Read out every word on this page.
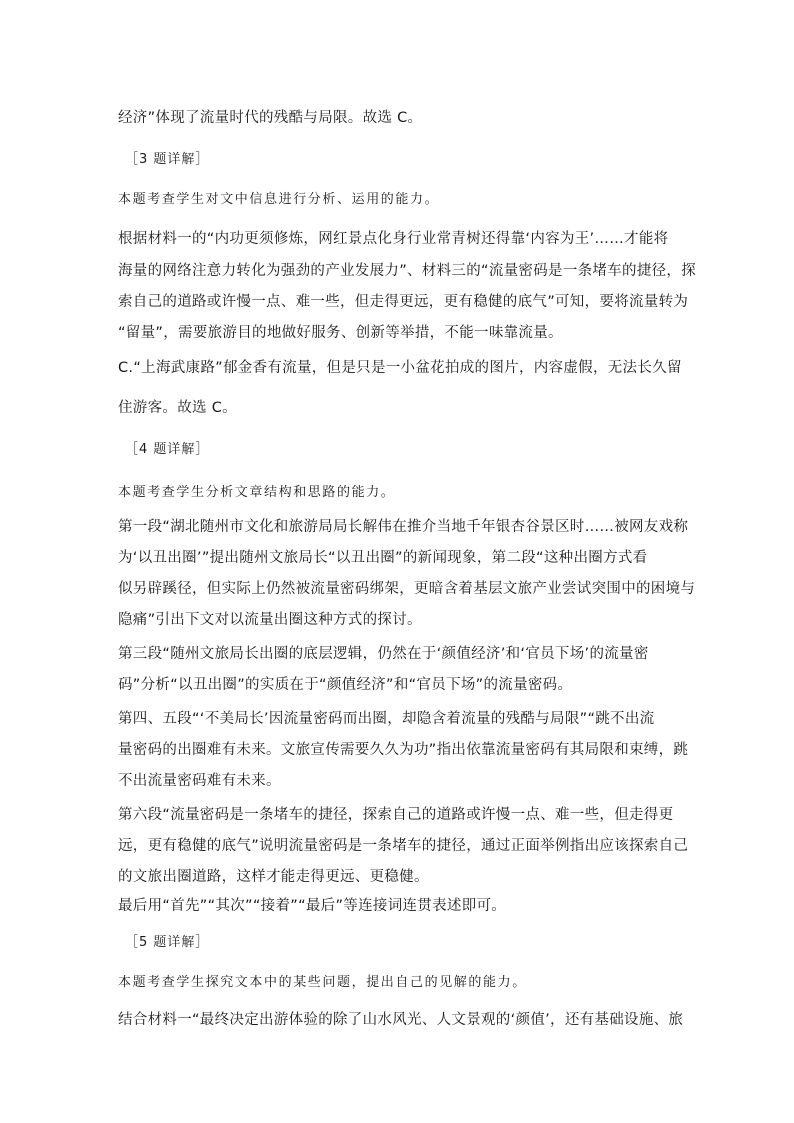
经济”体现了流量时代的残酷与局限。故选 C。
［3 题详解］
本题考查学生对文中信息进行分析、运用的能力。
根据材料一的“内功更须修炼，网红景点化身行业常青树还得靠‘内容为王’……才能将
海量的网络注意力转化为强劲的产业发展力”、材料三的“流量密码是一条堵车的捷径，探
索自己的道路或许慢一点、难一些，但走得更远，更有稳健的底气”可知，要将流量转为
“留量”，需要旅游目的地做好服务、创新等举措，不能一味靠流量。
C.“上海武康路”郁金香有流量，但是只是一小盆花拍成的图片，内容虚假，无法长久留
住游客。故选 C。
［4 题详解］
本题考查学生分析文章结构和思路的能力。
第一段“湖北随州市文化和旅游局局长解伟在推介当地千年银杏谷景区时……被网友戏称
为‘以丑出圈’”提出随州文旅局长“以丑出圈”的新闻现象，第二段“这种出圈方式看
似另辟蹊径，但实际上仍然被流量密码绑架，更暗含着基层文旅产业尝试突围中的困境与
隐痛”引出下文对以流量出圈这种方式的探讨。
第三段“随州文旅局长出圈的底层逻辑，仍然在于‘颜值经济’和‘官员下场’的流量密
码”分析“以丑出圈”的实质在于“颜值经济”和“官员下场”的流量密码。
第四、五段“‘不美局长’因流量密码而出圈，却隐含着流量的残酷与局限”“跳不出流
量密码的出圈难有未来。文旅宣传需要久久为功”指出依靠流量密码有其局限和束缚，跳
不出流量密码难有未来。
第六段“流量密码是一条堵车的捷径，探索自己的道路或许慢一点、难一些，但走得更
远，更有稳健的底气”说明流量密码是一条堵车的捷径，通过正面举例指出应该探索自己
的文旅出圈道路，这样才能走得更远、更稳健。
最后用“首先”“其次”“接着”“最后”等连接词连贯表述即可。
［5 题详解］
本题考查学生探究文本中的某些问题，提出自己的见解的能力。
结合材料一“最终决定出游体验的除了山水风光、人文景观的‘颜值’，还有基础设施、旅
